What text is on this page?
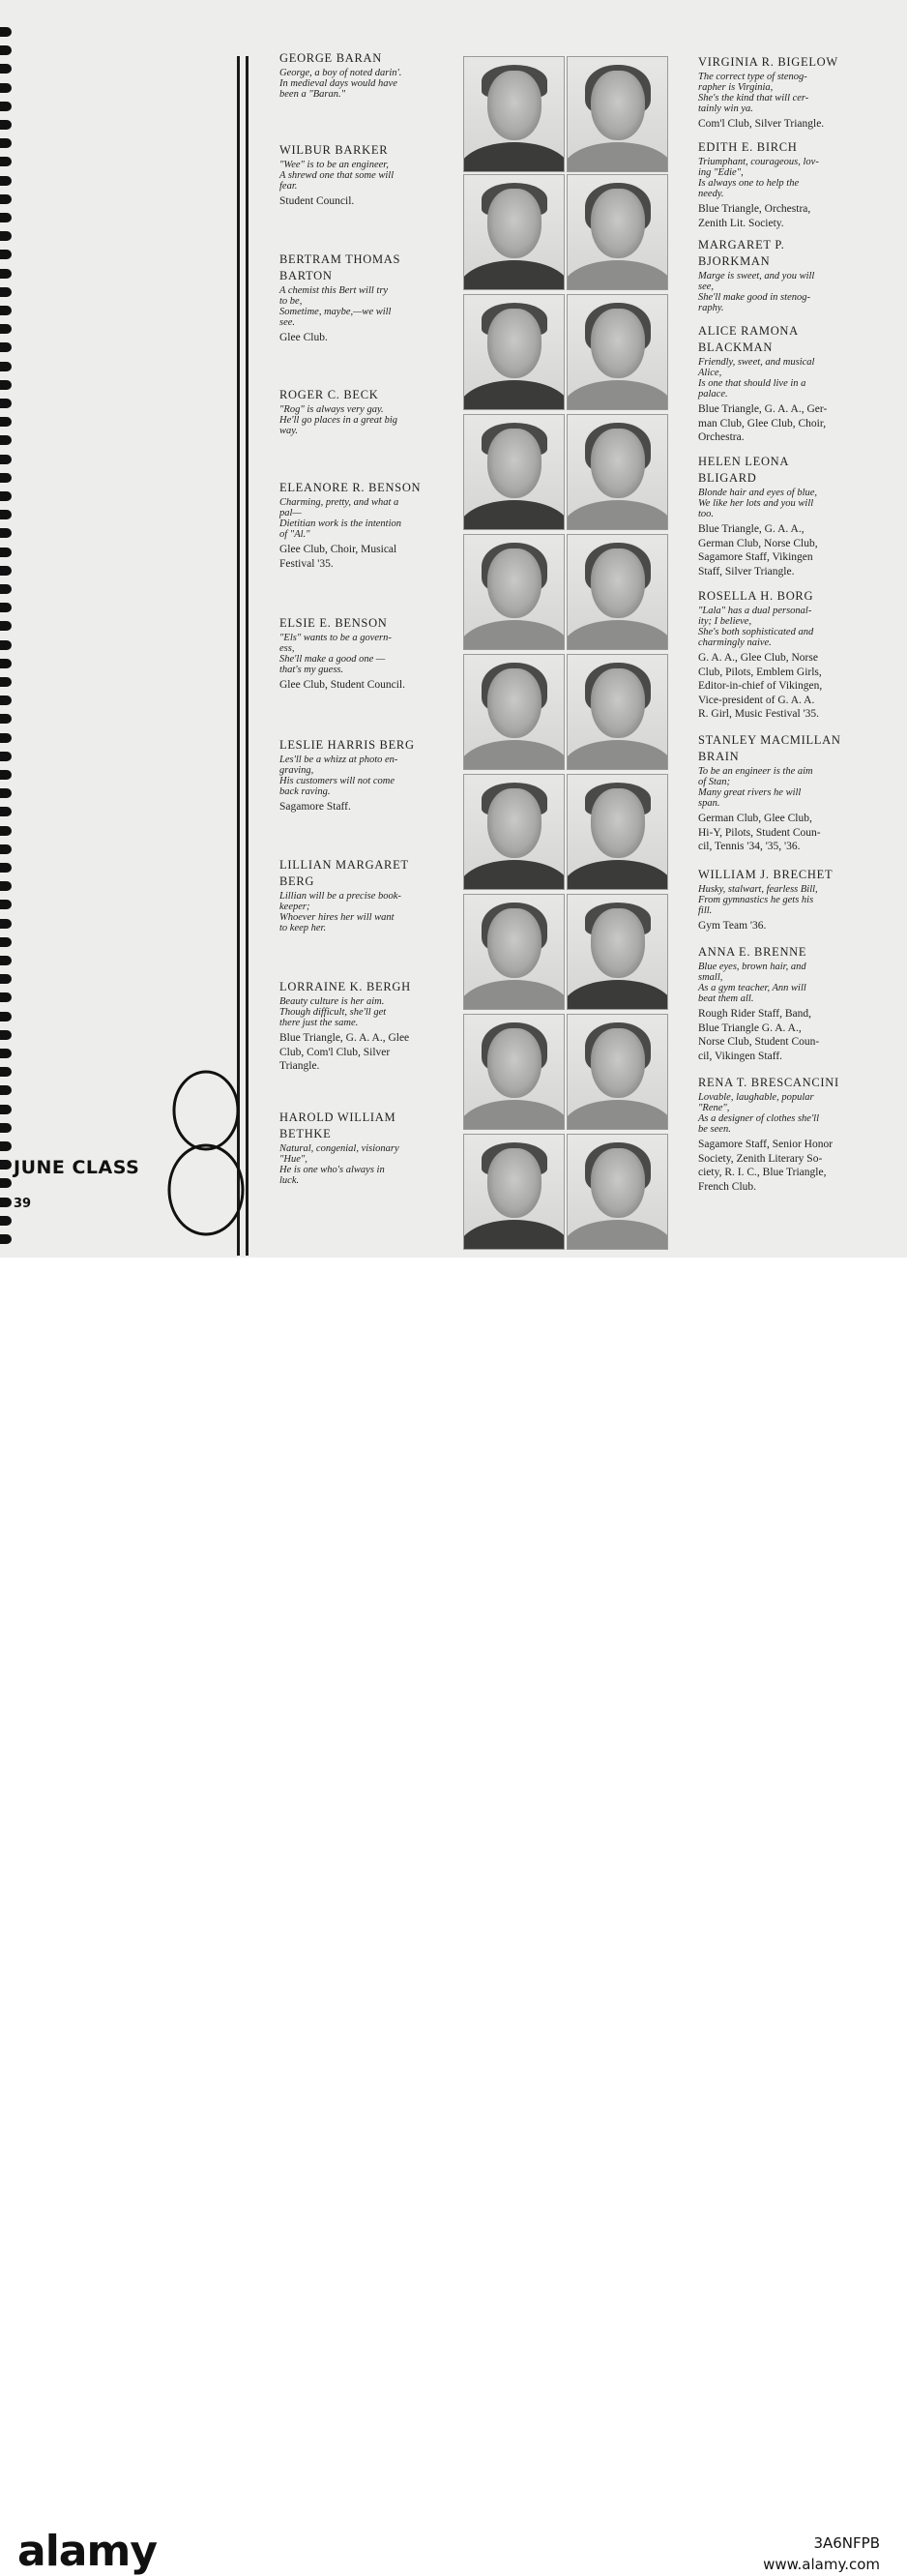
GEORGE BARAN
George, a boy of noted darin'.
In medieval days would have
been a "Baran."
WILBUR BARKER
"Wee" is to be an engineer,
A shrewd one that some will
fear.
Student Council.
BERTRAM THOMAS
BARTON
A chemist this Bert will try
to be,
Sometime, maybe,—we will
see.
Glee Club.
ROGER C. BECK
"Rog" is always very gay.
He'll go places in a great big
way.
ELEANORE R. BENSON
Charming, pretty, and what a
pal—
Dietitian work is the intention
of "Al."
Glee Club, Choir, Musical
Festival '35.
ELSIE E. BENSON
"Els" wants to be a govern-
ess,
She'll make a good one —
that's my guess.
Glee Club, Student Council.
LESLIE HARRIS BERG
Les'll be a whizz at photo en-
graving,
His customers will not come
back raving.
Sagamore Staff.
LILLIAN MARGARET
BERG
Lillian will be a precise book-
keeper;
Whoever hires her will want
to keep her.
LORRAINE K. BERGH
Beauty culture is her aim.
Though difficult, she'll get
there just the same.
Blue Triangle, G. A. A., Glee
Club, Com'l Club, Silver
Triangle.
HAROLD WILLIAM
BETHKE
Natural, congenial, visionary
"Hue",
He is one who's always in
luck.
VIRGINIA R. BIGELOW
The correct type of stenog-
rapher is Virginia,
She's the kind that will cer-
tainly win ya.
Com'l Club, Silver Triangle.
EDITH E. BIRCH
Triumphant, courageous, lov-
ing "Edie",
Is always one to help the
needy.
Blue Triangle, Orchestra,
Zenith Lit. Society.
MARGARET P.
BJORKMAN
Marge is sweet, and you will
see,
She'll make good in stenog-
raphy.
ALICE RAMONA
BLACKMAN
Friendly, sweet, and musical
Alice,
Is one that should live in a
palace.
Blue Triangle, G. A. A., Ger-
man Club, Glee Club, Choir,
Orchestra.
HELEN LEONA
BLIGARD
Blonde hair and eyes of blue,
We like her lots and you will
too.
Blue Triangle, G. A. A.,
German Club, Norse Club,
Sagamore Staff, Vikingen
Staff, Silver Triangle.
ROSELLA H. BORG
"Lala" has a dual personal-
ity; I believe,
She's both sophisticated and
charmingly naive.
G. A. A., Glee Club, Norse
Club, Pilots, Emblem Girls,
Editor-in-chief of Vikingen,
Vice-president of G. A. A.
R. Girl, Music Festival '35.
STANLEY MACMILLAN
BRAIN
To be an engineer is the aim
of Stan;
Many great rivers he will
span.
German Club, Glee Club,
Hi-Y, Pilots, Student Coun-
cil, Tennis '34, '35, '36.
WILLIAM J. BRECHET
Husky, stalwart, fearless Bill,
From gymnastics he gets his
fill.
Gym Team '36.
ANNA E. BRENNE
Blue eyes, brown hair, and
small,
As a gym teacher, Ann will
beat them all.
Rough Rider Staff, Band,
Blue Triangle G. A. A.,
Norse Club, Student Coun-
cil, Vikingen Staff.
RENA T. BRESCANCINI
Lovable, laughable, popular
"Rene",
As a designer of clothes she'll
be seen.
Sagamore Staff, Senior Honor
Society, Zenith Literary So-
ciety, R. I. C., Blue Triangle,
French Club.
JUNE CLASS
39
alamy	3A6NFPB
www.alamy.com
